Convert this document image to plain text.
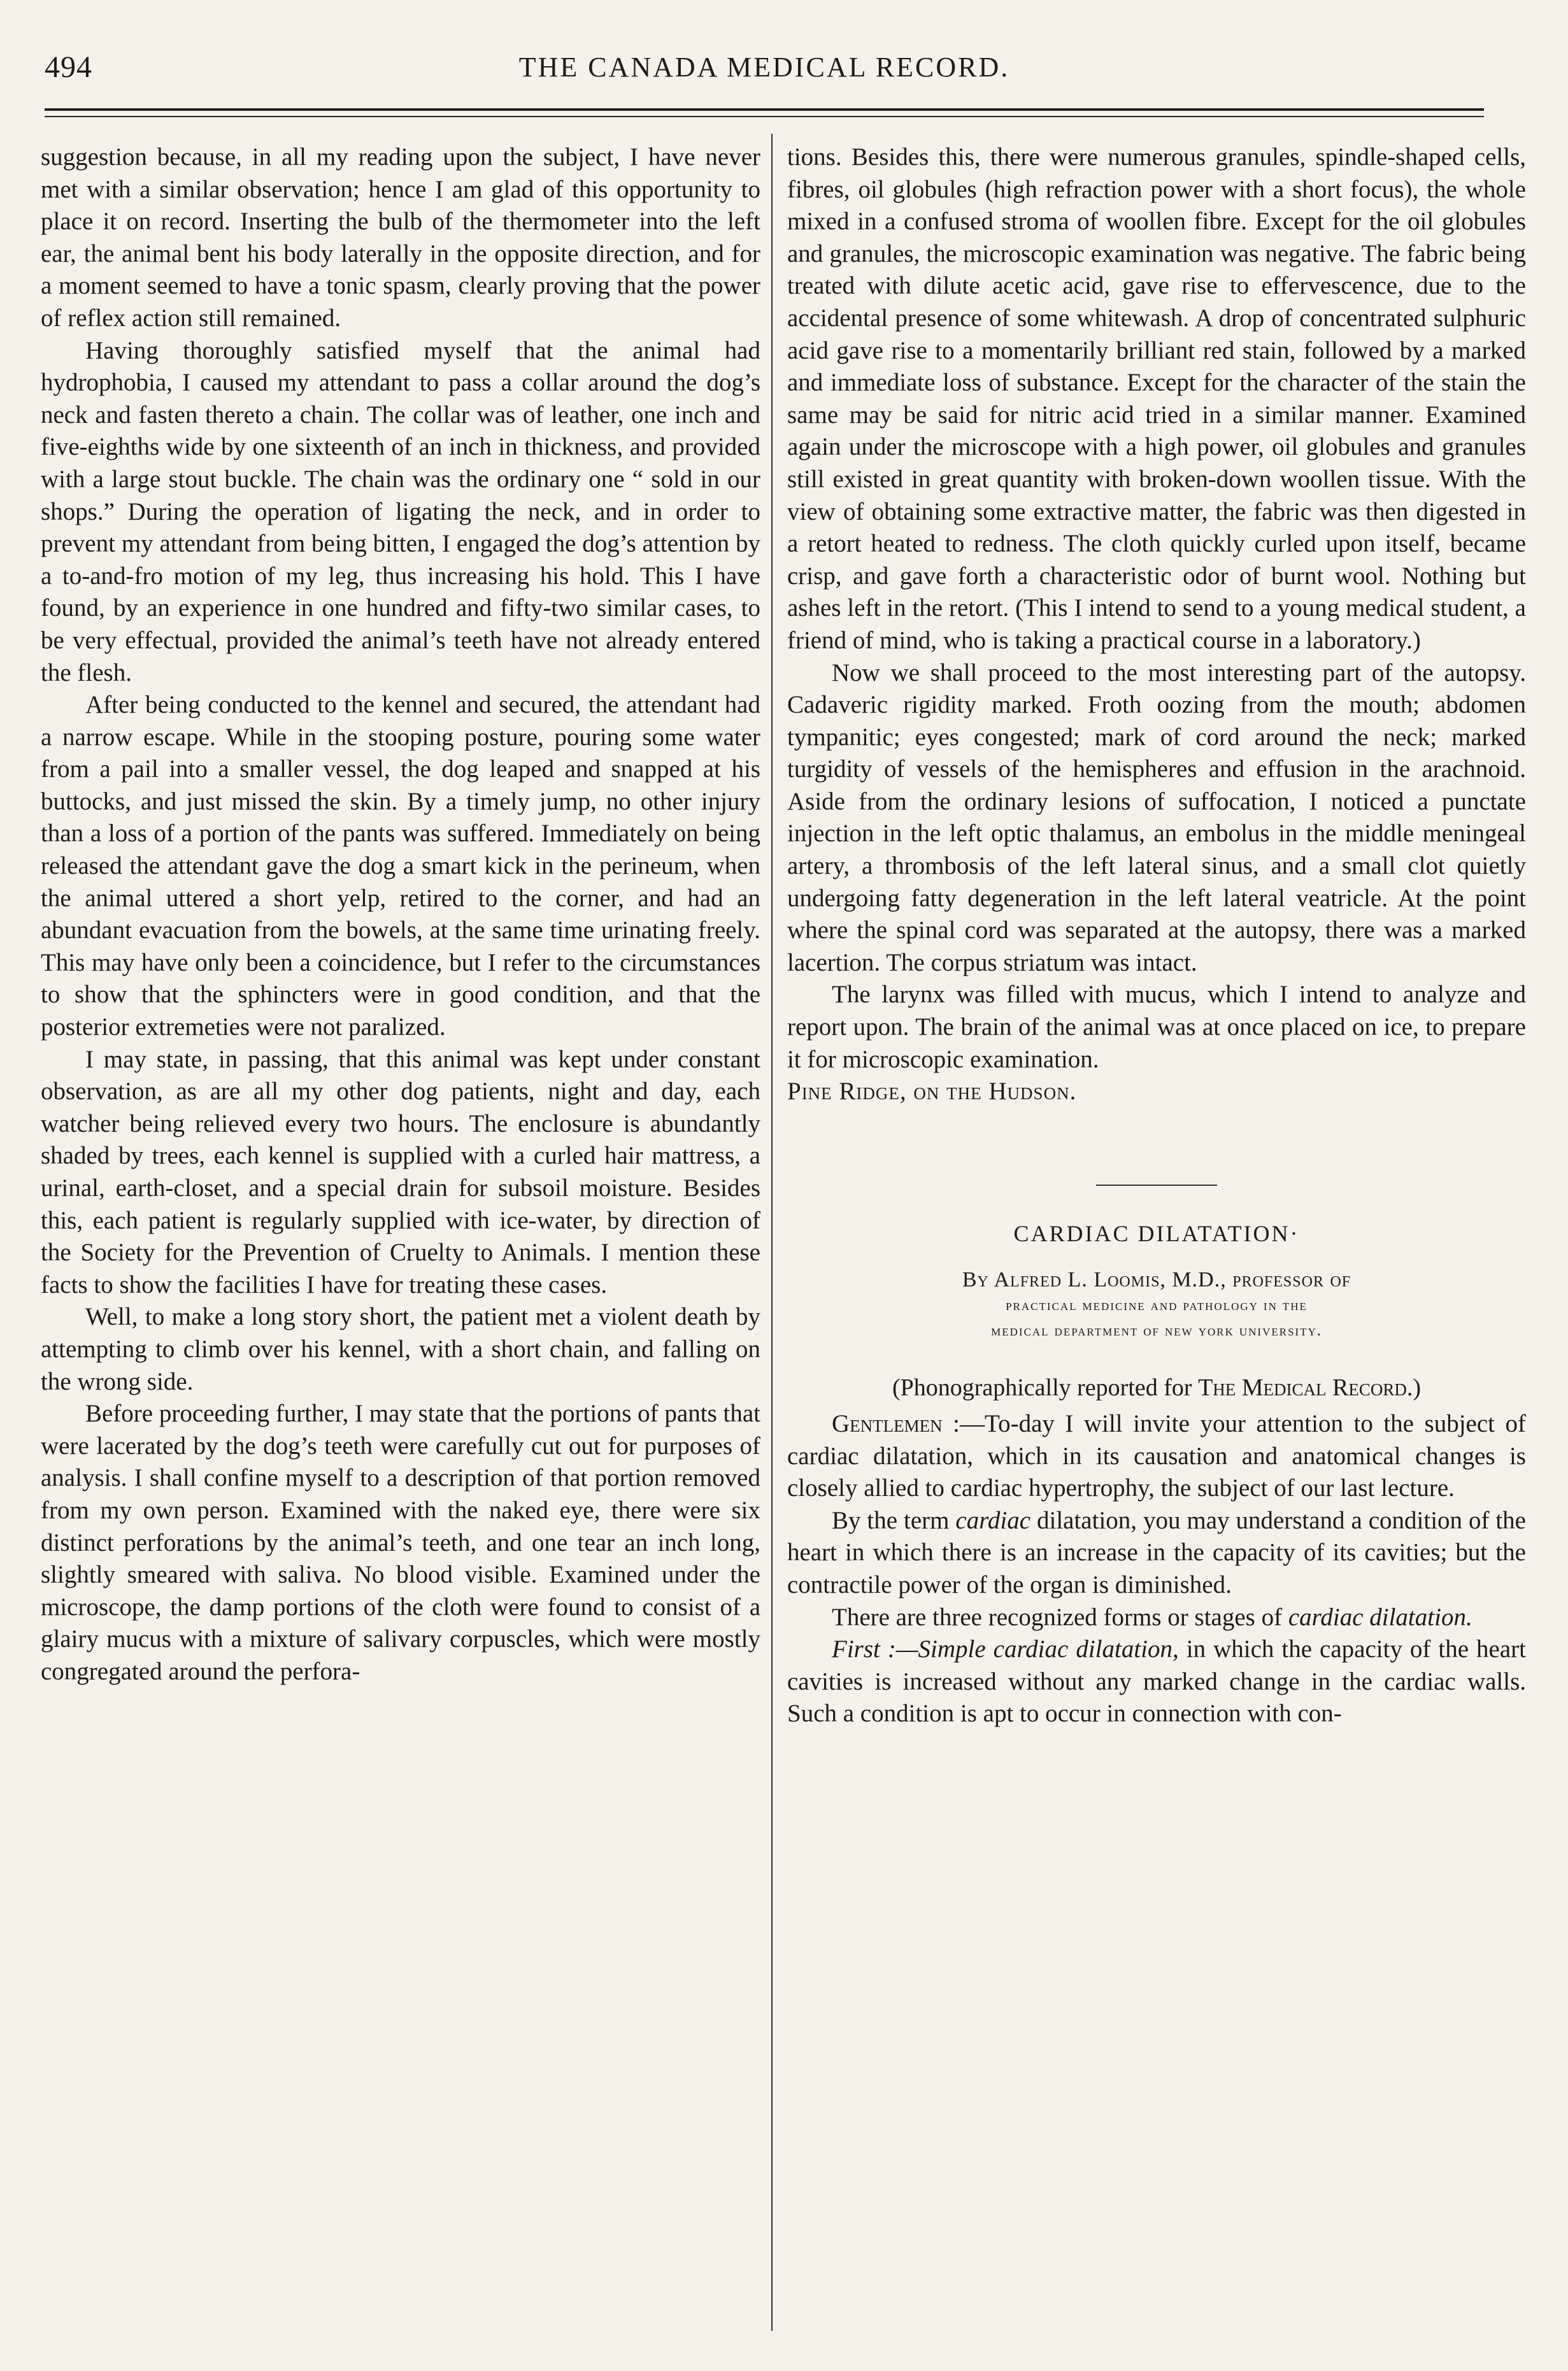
494	THE CANADA MEDICAL RECORD.

suggestion because, in all my reading upon the subject, I have never met with a similar observation; hence I am glad of this opportunity to place it on record. Inserting the bulb of the thermometer into the left ear, the animal bent his body laterally in the opposite direction, and for a moment seemed to have a tonic spasm, clearly proving that the power of reflex action still remained.

Having thoroughly satisfied myself that the animal had hydrophobia, I caused my attendant to pass a collar around the dog’s neck and fasten thereto a chain. The collar was of leather, one inch and five-eighths wide by one sixteenth of an inch in thickness, and provided with a large stout buckle. The chain was the ordinary one “ sold in our shops.” During the operation of ligating the neck, and in order to prevent my attendant from being bitten, I engaged the dog’s attention by a to-and-fro motion of my leg, thus increasing his hold. This I have found, by an experience in one hundred and fifty-two similar cases, to be very effectual, provided the animal’s teeth have not already entered the flesh.

After being conducted to the kennel and secured, the attendant had a narrow escape. While in the stooping posture, pouring some water from a pail into a smaller vessel, the dog leaped and snapped at his buttocks, and just missed the skin. By a timely jump, no other injury than a loss of a portion of the pants was suffered. Immediately on being released the attendant gave the dog a smart kick in the perineum, when the animal uttered a short yelp, retired to the corner, and had an abundant evacuation from the bowels, at the same time urinating freely. This may have only been a coincidence, but I refer to the circumstances to show that the sphincters were in good condition, and that the posterior extremeties were not paralized.

I may state, in passing, that this animal was kept under constant observation, as are all my other dog patients, night and day, each watcher being relieved every two hours. The enclosure is abundantly shaded by trees, each kennel is supplied with a curled hair mattress, a urinal, earth-closet, and a special drain for subsoil moisture. Besides this, each patient is regularly supplied with ice-water, by direction of the Society for the Prevention of Cruelty to Animals. I mention these facts to show the facilities I have for treating these cases.

Well, to make a long story short, the patient met a violent death by attempting to climb over his kennel, with a short chain, and falling on the wrong side.

Before proceeding further, I may state that the portions of pants that were lacerated by the dog’s teeth were carefully cut out for purposes of analysis. I shall confine myself to a description of that portion removed from my own person. Examined with the naked eye, there were six distinct perforations by the animal’s teeth, and one tear an inch long, slightly smeared with saliva. No blood visible. Examined under the microscope, the damp portions of the cloth were found to consist of a glairy mucus with a mixture of salivary corpuscles, which were mostly congregated around the perfora-

tions. Besides this, there were numerous granules, spindle-shaped cells, fibres, oil globules (high refraction power with a short focus), the whole mixed in a confused stroma of woollen fibre. Except for the oil globules and granules, the microscopic examination was negative. The fabric being treated with dilute acetic acid, gave rise to effervescence, due to the accidental presence of some whitewash. A drop of concentrated sulphuric acid gave rise to a momentarily brilliant red stain, followed by a marked and immediate loss of substance. Except for the character of the stain the same may be said for nitric acid tried in a similar manner. Examined again under the microscope with a high power, oil globules and granules still existed in great quantity with broken-down woollen tissue. With the view of obtaining some extractive matter, the fabric was then digested in a retort heated to redness. The cloth quickly curled upon itself, became crisp, and gave forth a characteristic odor of burnt wool. Nothing but ashes left in the retort. (This I intend to send to a young medical student, a friend of mind, who is taking a practical course in a laboratory.)

Now we shall proceed to the most interesting part of the autopsy. Cadaveric rigidity marked. Froth oozing from the mouth; abdomen tympanitic; eyes congested; mark of cord around the neck; marked turgidity of vessels of the hemispheres and effusion in the arachnoid. Aside from the ordinary lesions of suffocation, I noticed a punctate injection in the left optic thalamus, an embolus in the middle meningeal artery, a thrombosis of the left lateral sinus, and a small clot quietly undergoing fatty degeneration in the left lateral veatricle. At the point where the spinal cord was separated at the autopsy, there was a marked lacertion. The corpus striatum was intact.

The larynx was filled with mucus, which I intend to analyze and report upon. The brain of the animal was at once placed on ice, to prepare it for microscopic examination.

Pine Ridge, on the Hudson.

CARDIAC DILATATION·
By Alfred L. Loomis, M.D., professor of
practical medicine and pathology in the
medical department of new york university.
(Phonographically reported for The Medical Record.)

Gentlemen :—To-day I will invite your attention to the subject of cardiac dilatation, which in its causation and anatomical changes is closely allied to cardiac hypertrophy, the subject of our last lecture.

By the term cardiac dilatation, you may understand a condition of the heart in which there is an increase in the capacity of its cavities; but the contractile power of the organ is diminished.

There are three recognized forms or stages of cardiac dilatation.

First :—Simple cardiac dilatation, in which the capacity of the heart cavities is increased without any marked change in the cardiac walls. Such a condition is apt to occur in connection with con-
